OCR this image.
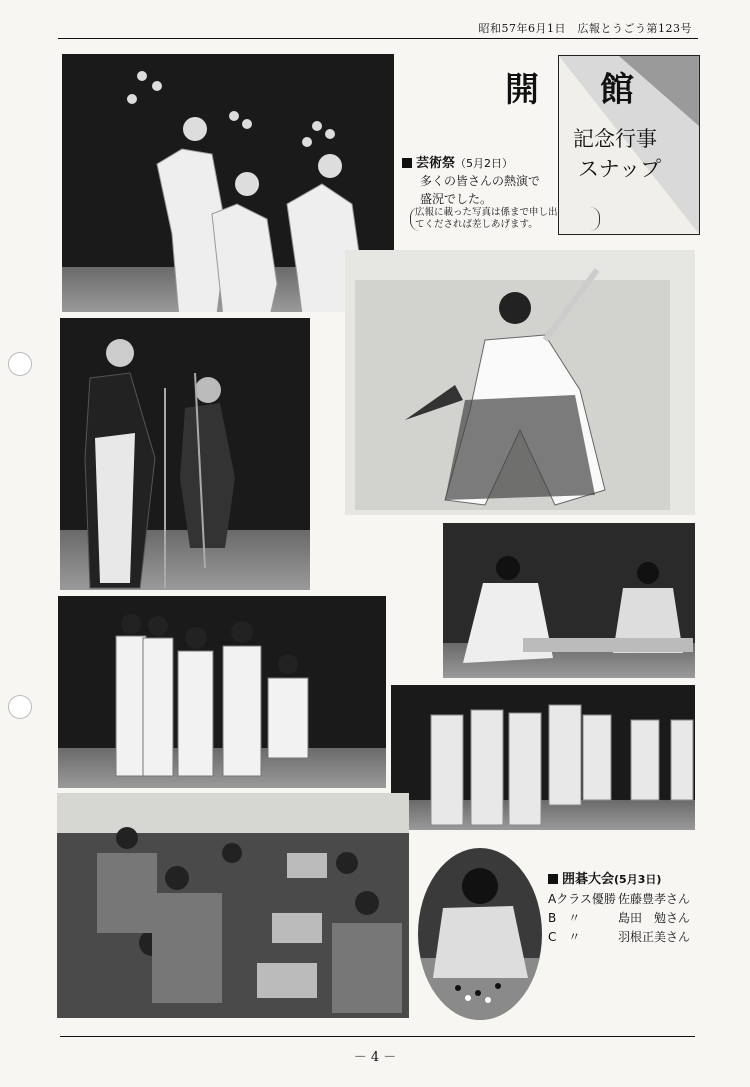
昭和57年6月1日　広報とうごう第123号
開 館
記念行事
スナップ
芸術祭（5月2日）
多くの皆さんの熱演で
盛況でした。
広報に載った写真は係まで申し出
てくだされば差しあげます。
囲碁大会(5月3日)
Aクラス優勝 佐藤豊孝さん
B　〃	島田　勉さん
C　〃	羽根正美さん
－ 4 －
